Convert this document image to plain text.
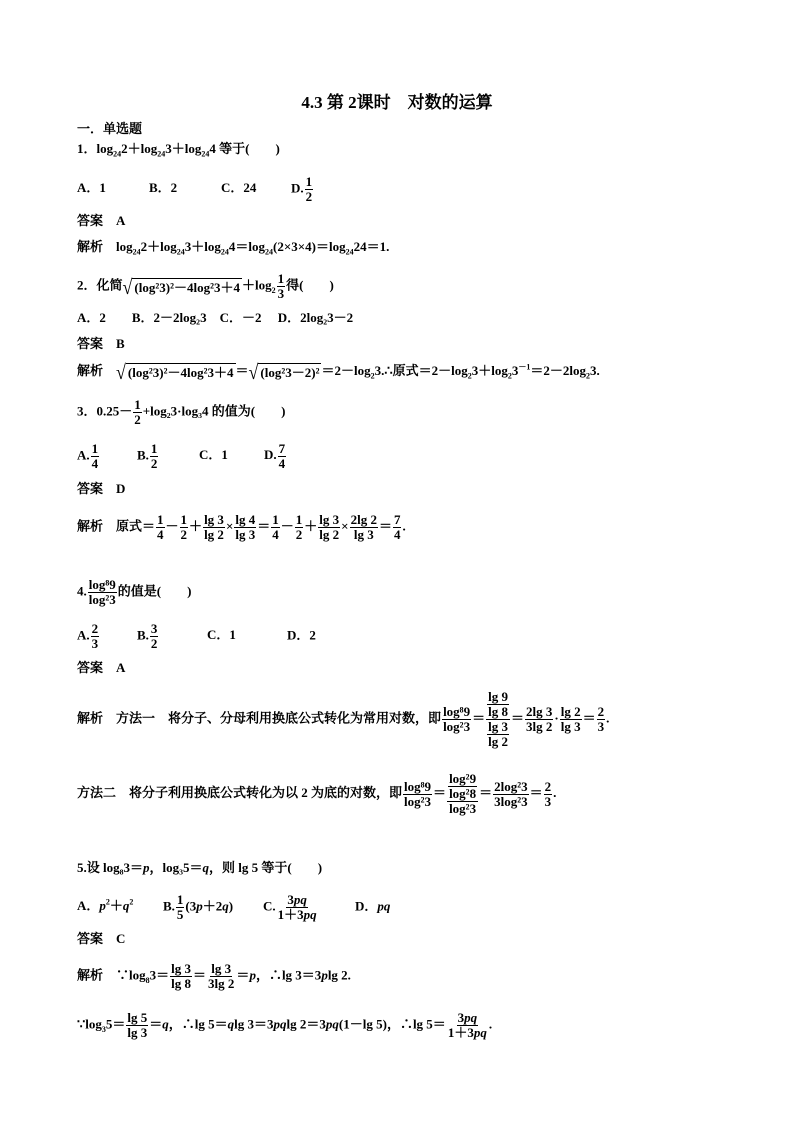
4.3 第 2课时　对数的运算
一．单选题
1．$\log_{24}2+\log_{24}3+\log_{24}4$ 等于(　　)
A．1	B．2	C．24	D. $\frac{1}{2}$
答案　 A
解析　$\log_{24}2+\log_{24}3+\log_{24}4=\log_{24}(2\times 3\times 4)=\log_{24}24=1$.
2．化简√ $(\log^23)^2-4\log^23+4 +\log_2 \frac{1}{3}$ 得(　　)
A．2　　B．2－2log₂3　C．－2　 D．2log₂3－2
答案　 B
解析　 √ (log²3)²－4log²3＋4 ＝√ $(\log^23-2)^2 =2-\log_23.\therefore$原式$=2-\log_23+\log_23^{-1}=2-2\log_23$.
3．$0.25- \frac{1}{2} +\log_23\cdot\log_34$ 的值为(　　)
A. $\frac{1}{4}$	B. $\frac{1}{2}$	C．1	D. $\frac{7}{4}$
答案　 D
解析　原式＝ $\frac{1}{4} - \frac{1}{2} + \frac{\lg 3}{\lg 2} \times \frac{\lg 4}{\lg 3} = \frac{1}{4} - \frac{1}{2} + \frac{\lg 3}{\lg 2} \times \frac{2\lg 2}{\lg 3} = \frac{7}{4}$ .
4. $\frac{\text{log⁸9}}{\text{log²3}}$ 的值是(　　)
A. $\frac{2}{3}$	B. $\frac{3}{2}$	C．1	D．2
答案　 A
解析　 方法一　将分子、分母利用换底公式转化为常用对数，即 $\frac{\text{log⁸9}}{\text{log²3}} = \frac{\frac{\lg 9}{\lg 8}}{\frac{\lg 3}{\lg 2}} = \frac{2\lg 3}{3\lg 2} \cdot \frac{\lg 2}{\lg 3} = \frac{2}{3}$ .
方法二　将分子利用换底公式转化为以 2 为底的对数，即 $\frac{\text{log⁸9}}{\text{log²3}} = \frac{\frac{\text{log²9}}{\text{log²8}}}{\text{log²3}} = \frac{\text{2log²3}}{\text{3log²3}} = \frac{2}{3}$ .
5.设 log₈3＝p，log₃5＝q，则 lg 5 等于(　　)
A．$p^2+q^2$ B. $\frac{1}{5} (3p+2q)$ C. $\frac{3pq}{1+3pq}$	D．pq
答案　 C
解析　$\because\log_83= \frac{\lg 3}{\lg 8} = \frac{\lg 3}{3\lg 2} =p$，∴lg 3＝3plg 2.
$\because\log_35= \frac{\lg 5}{\lg 3} =q$，∴lg 5＝qlg 3＝3pqlg 2＝3pq(1－lg 5)，∴lg $5= \frac{3pq}{1+3pq}$ .
